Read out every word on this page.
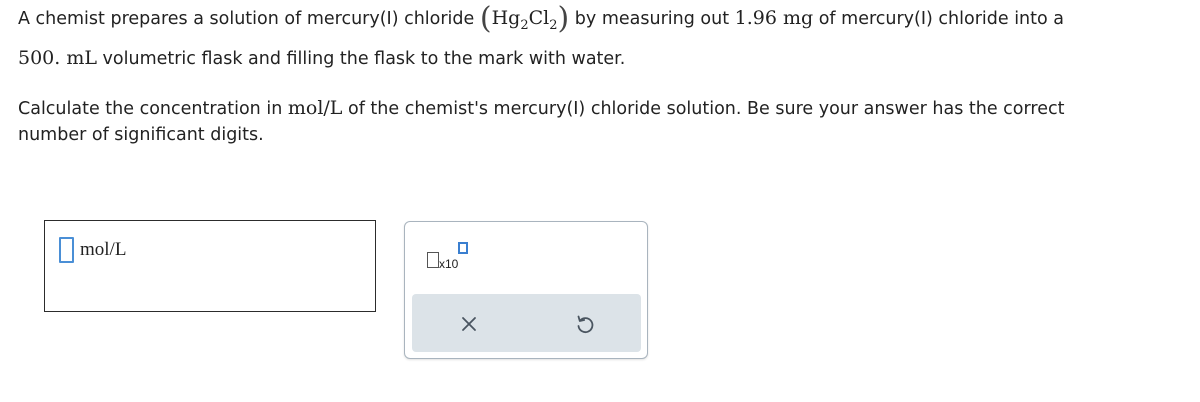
A chemist prepares a solution of mercury(I) chloride $(Hg_2Cl_2)$ by measuring out 1.96 mg of mercury(I) chloride into a
500. mL volumetric flask and filling the flask to the mark with water.
Calculate the concentration in mol/L of the chemist's mercury(I) chloride solution. Be sure your answer has the correct
number of significant digits.
mol/L
x10
